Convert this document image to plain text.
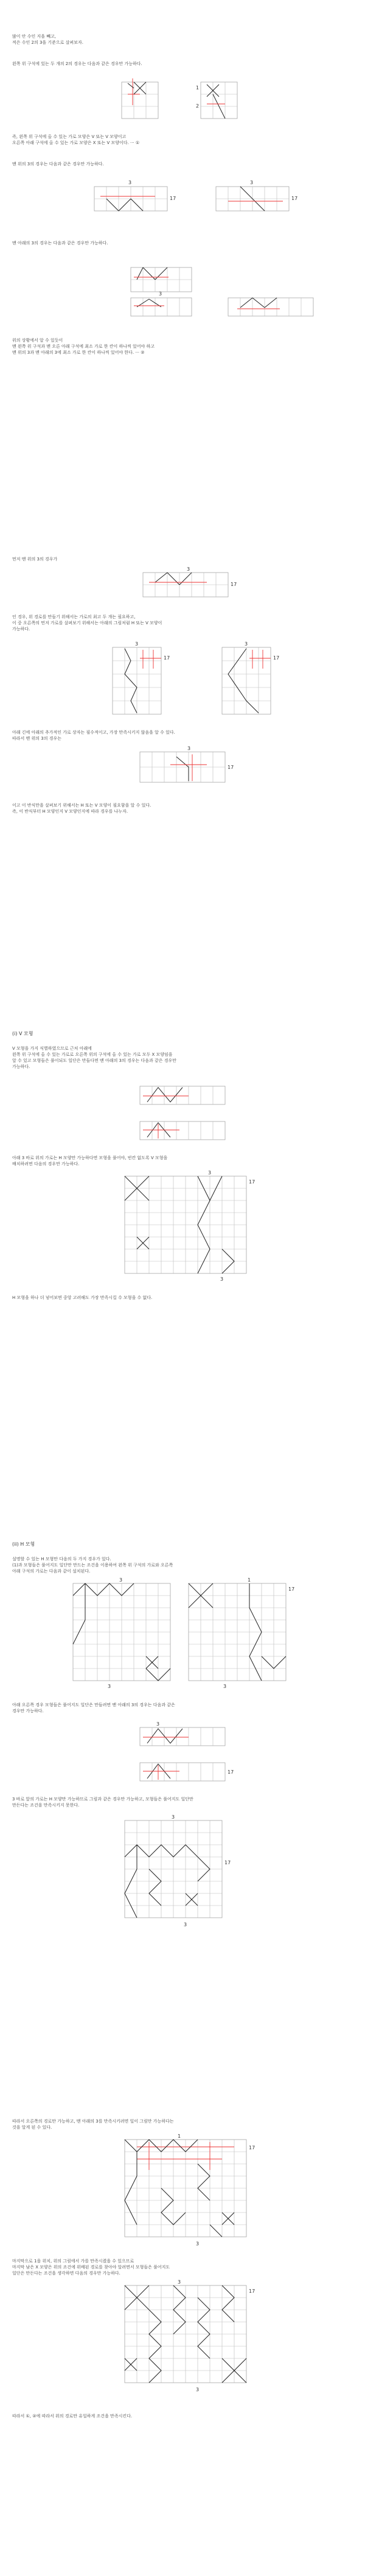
많이 안 수인 지을 빼고,
적은 수인 2의 3을 기준으로 살펴보자.
왼쪽 위 구석에 있는 두 개의 2의 경우는 다음과 같은 경우만 가능하다.
1
2
즉, 왼쪽 위 구석에 올 수 있는 가로 모양은 V 또는 V 모양이고
오른쪽 아래 구석에 올 수 있는 가로 모양은 X 또는 V 모양이다. ··· ①
맨 위의 3의 경우는 다음과 같은 경우만 가능하다.
3
17
3
17
맨 아래의 3의 경우는 다음과 같은 경우만 가능하다.
3
위의 상황에서 알 수 있듯이
맨 왼쪽 위 구석과 맨 오른 아래 구석에 최소 가로 한 칸이 하나씩 있어야 하고
맨 위의 3과 맨 아래의 3에 최소 가로 한 칸이 하나씩 있어야 한다. ··· ②
먼저 맨 위의 3의 경우가
3
17
인 경우, 위 경로를 만들기 위해서는 가로의 최고 두 개는 필요하고,
이 중 오른쪽의 먼저 가로를 살펴보기 위해서는 아래의 그림처럼 H 또는 V 모양이
가능하다.
3
17
3
17
아래 긴에 아래의 추가적인 가로 상자는 필수적이고, 가장 만족시키지 않음을 알 수 있다.
따라서 맨 위의 3의 경우는
3
17
이고 이 반식만을 살펴보기 위해서는 H 또는 V 모양이 필요함을 알 수 있다.
즉, 이 반식부터 H 모양인지 V 모양인지에 따라 경우를 나누자.
(i) V 모형
V 모형을 가지 식별하였으므로 근처 아래에
왼쪽 위 구석에 올 수 있는 가로로 오른쪽 위의 구석에 올 수 있는 가로 모두 X 모양임을
알 수 있고 모형들은 풀이되도 일단은 만들다면 맨 아래의 3의 경우는 다음과 같은 경우만
가능하다.
아래 3 바로 위의 가로는 H 모양만 가능하다면 모형을 풀어야, 빈칸 없도록 V 모형을
배치하려면 다음의 경우만 가능하다.
3
17
3
H 모형을 하나 더 넣어보면 중앙 고려해도 가장 만족시킬 수 모형을 수 없다.
(ii) H 모형
설명할 수 있는 H 모형만 다음의 두 가지 경우가 있다.
(1)과 모형들은 풀어지도 일단만 만드는 조건을 이용하여 왼쪽 위 구석의 가로와 오른쪽
아래 구석의 가로는 다음과 같이 설치된다.
3
3
1
17
3
아래 오른쪽 경우 모형들은 풀어지도 일단은 만들려면 맨 아래의 3의 경우는 다음과 같은
경우만 가능하다.
3
17
3 바로 앞의 가로는 H 모양만 가능하므로 그림과 같은 경우만 가능하고, 모형들은 풀어지도 일단만
만든다는 조건을 만족시키지 못한다.
3
17
3
따라서 오른쪽의 경로만 가능하고, 맨 아래의 3를 만족시키려면 일이 그림만 가능하다는
것을 알게 된 수 있다.
1
17
3
마지막으로 1을 위치, 위의 그림에서 가를 만족시켰을 수 있으므로
마지막 남은 X 모양은 위의 조건에 위배된 경로를 찾아야 알려면서 모형들은 풀어지도
일단은 만든다는 조건을 생각하면 다음의 경우만 가능하다.
3
17
3
따라서 ①, ②에 따라서 위의 경로만 유일하게 조건을 만족시킨다.
